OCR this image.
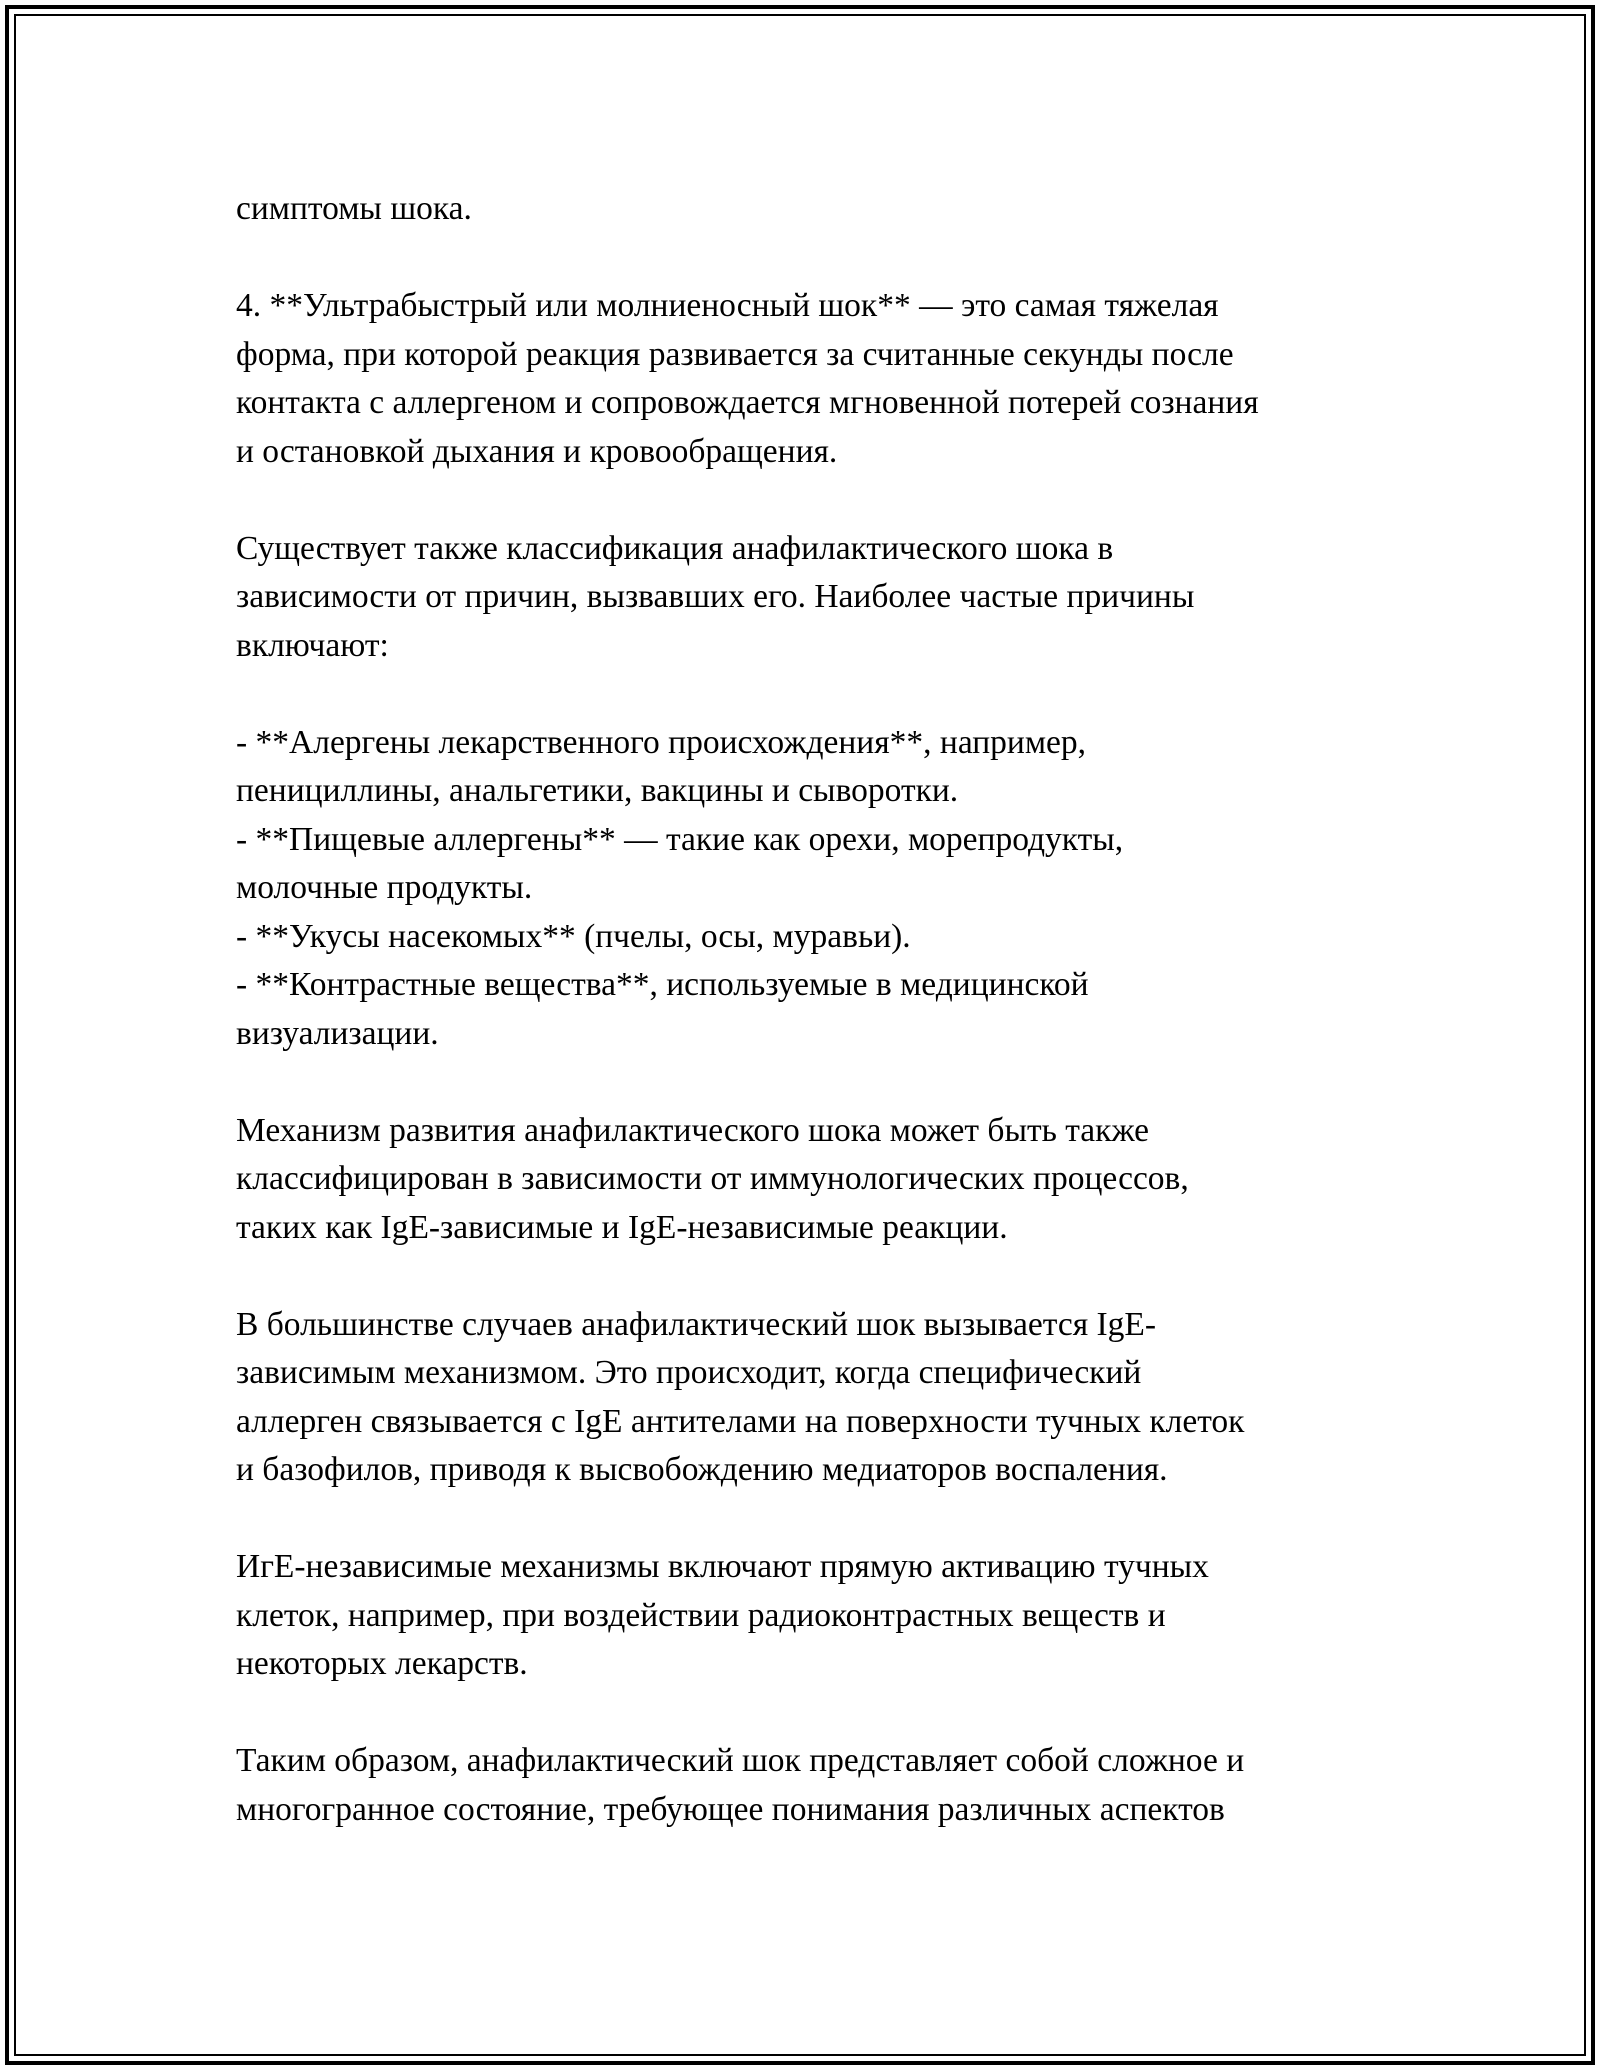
симптомы шока.
4. **Ультрабыстрый или молниеносный шок** — это самая тяжелая
форма, при которой реакция развивается за считанные секунды после
контакта с аллергеном и сопровождается мгновенной потерей сознания
и остановкой дыхания и кровообращения.
Существует также классификация анафилактического шока в
зависимости от причин, вызвавших его. Наиболее частые причины
включают:
- **Алергены лекарственного происхождения**, например,
пенициллины, анальгетики, вакцины и сыворотки.
- **Пищевые аллергены** — такие как орехи, морепродукты,
молочные продукты.
- **Укусы насекомых** (пчелы, осы, муравьи).
- **Контрастные вещества**, используемые в медицинской
визуализации.
Механизм развития анафилактического шока может быть также
классифицирован в зависимости от иммунологических процессов,
таких как IgE-зависимые и IgE-независимые реакции.
В большинстве случаев анафилактический шок вызывается IgE-
зависимым механизмом. Это происходит, когда специфический
аллерген связывается с IgE антителами на поверхности тучных клеток
и базофилов, приводя к высвобождению медиаторов воспаления.
ИгЕ-независимые механизмы включают прямую активацию тучных
клеток, например, при воздействии радиоконтрастных веществ и
некоторых лекарств.
Таким образом, анафилактический шок представляет собой сложное и
многогранное состояние, требующее понимания различных аспектов
